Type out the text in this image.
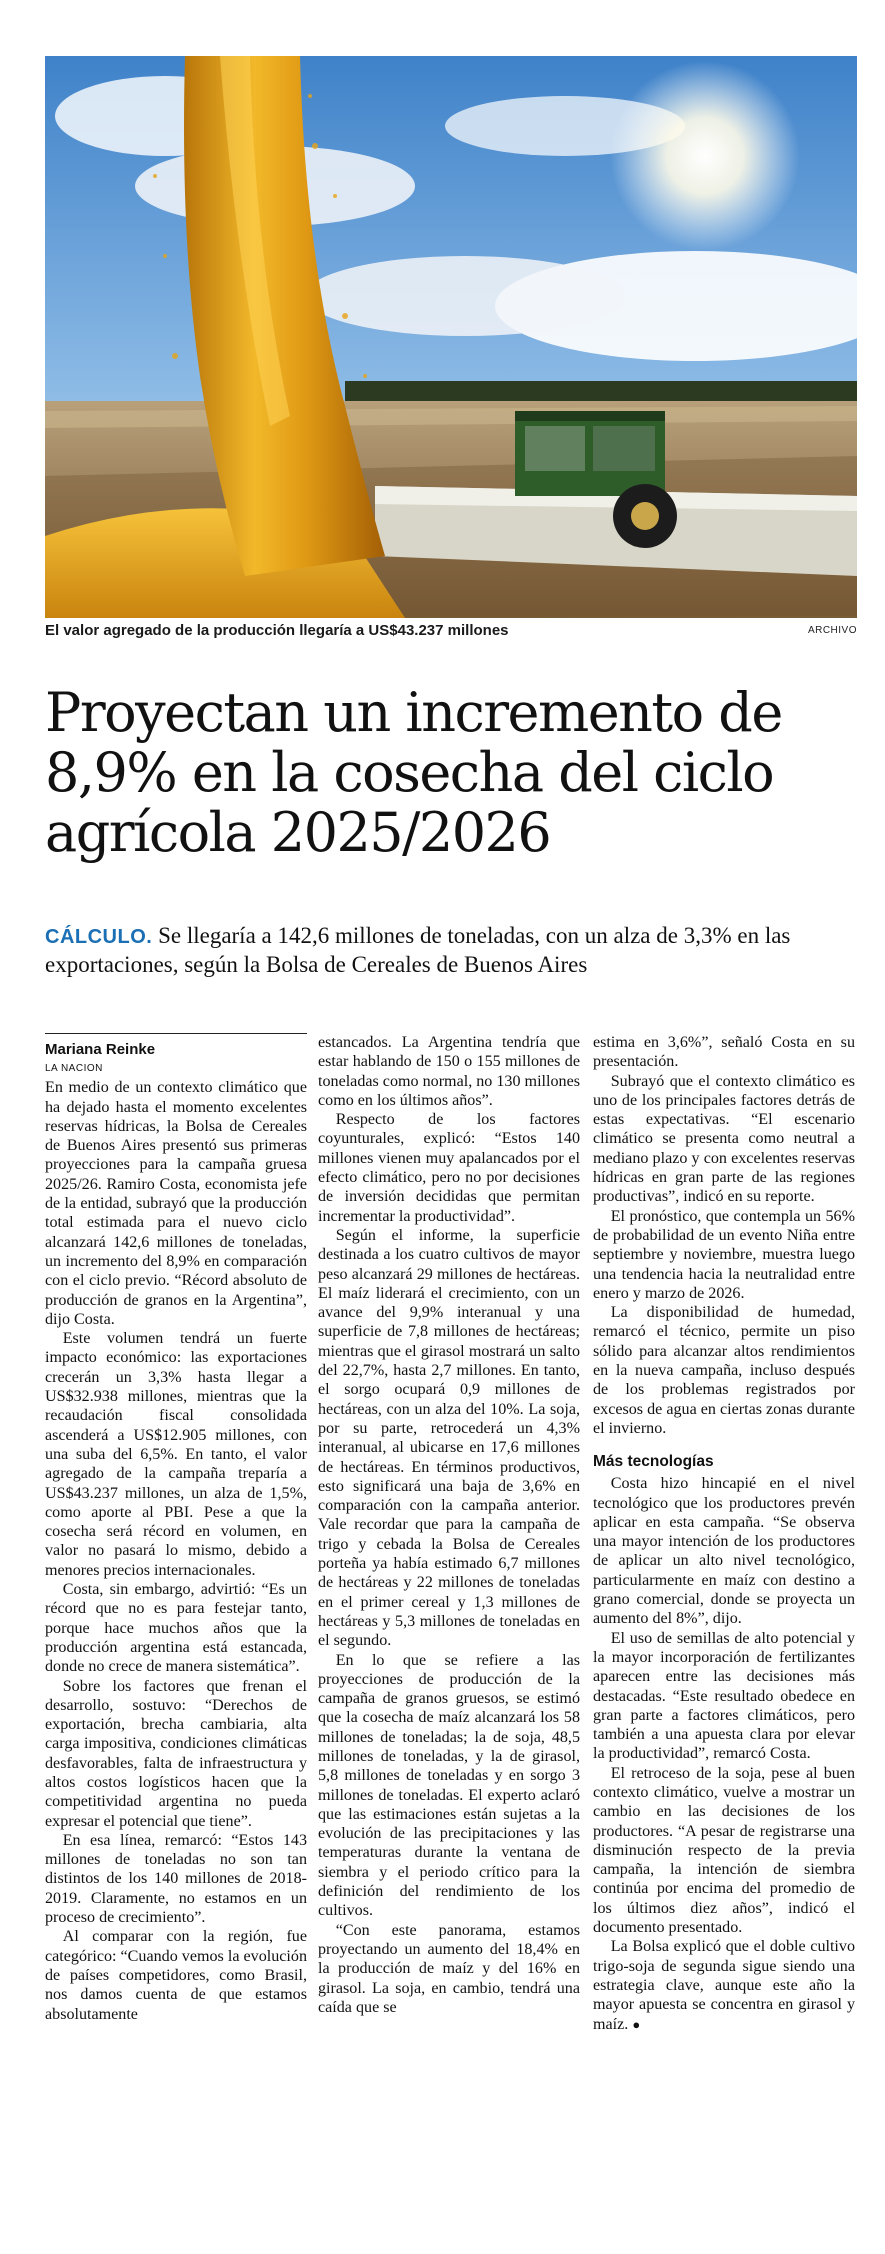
El valor agregado de la producción llegaría a US$43.237 millones	ARCHIVO
Proyectan un incremento de 8,9% en la cosecha del ciclo agrícola 2025/2026

CÁLCULO. Se llegaría a 142,6 millones de toneladas, con un alza de 3,3% en las exportaciones, según la Bolsa de Cereales de Buenos Aires

Mariana Reinke

LA NACION

En medio de un contexto climático que ha dejado hasta el momento excelentes reservas hídricas, la Bolsa de Cereales de Buenos Aires presentó sus primeras proyecciones para la campaña gruesa 2025/26. Ramiro Costa, economista jefe de la entidad, subrayó que la producción total estimada para el nuevo ciclo alcanzará 142,6 millones de toneladas, un incremento del 8,9% en comparación con el ciclo previo. “Récord absoluto de producción de granos en la Argentina”, dijo Costa.

Este volumen tendrá un fuerte impacto económico: las exportaciones crecerán un 3,3% hasta llegar a US$32.938 millones, mientras que la recaudación fiscal consolidada ascenderá a US$12.905 millones, con una suba del 6,5%. En tanto, el valor agregado de la campaña treparía a US$43.237 millones, un alza de 1,5%, como aporte al PBI. Pese a que la cosecha será récord en volumen, en valor no pasará lo mismo, debido a menores precios internacionales.

Costa, sin embargo, advirtió: “Es un récord que no es para festejar tanto, porque hace muchos años que la producción argentina está estancada, donde no crece de manera sistemática”.

Sobre los factores que frenan el desarrollo, sostuvo: “Derechos de exportación, brecha cambiaria, alta carga impositiva, condiciones climáticas desfavorables, falta de infraestructura y altos costos logísticos hacen que la competitividad argentina no pueda expresar el potencial que tiene”.

En esa línea, remarcó: “Estos 143 millones de toneladas no son tan distintos de los 140 millones de 2018-2019. Claramente, no estamos en un proceso de crecimiento”.

Al comparar con la región, fue categórico: “Cuando vemos la evolución de países competidores, como Brasil, nos damos cuenta de que estamos absolutamente

estancados. La Argentina tendría que estar hablando de 150 o 155 millones de toneladas como normal, no 130 millones como en los últimos años”.

Respecto de los factores coyunturales, explicó: “Estos 140 millones vienen muy apalancados por el efecto climático, pero no por decisiones de inversión decididas que permitan incrementar la productividad”.

Según el informe, la superficie destinada a los cuatro cultivos de mayor peso alcanzará 29 millones de hectáreas. El maíz liderará el crecimiento, con un avance del 9,9% interanual y una superficie de 7,8 millones de hectáreas; mientras que el girasol mostrará un salto del 22,7%, hasta 2,7 millones. En tanto, el sorgo ocupará 0,9 millones de hectáreas, con un alza del 10%. La soja, por su parte, retrocederá un 4,3% interanual, al ubicarse en 17,6 millones de hectáreas. En términos productivos, esto significará una baja de 3,6% en comparación con la campaña anterior. Vale recordar que para la campaña de trigo y cebada la Bolsa de Cereales porteña ya había estimado 6,7 millones de hectáreas y 22 millones de toneladas en el primer cereal y 1,3 millones de hectáreas y 5,3 millones de toneladas en el segundo.

En lo que se refiere a las proyecciones de producción de la campaña de granos gruesos, se estimó que la cosecha de maíz alcanzará los 58 millones de toneladas; la de soja, 48,5 millones de toneladas, y la de girasol, 5,8 millones de toneladas y en sorgo 3 millones de toneladas. El experto aclaró que las estimaciones están sujetas a la evolución de las precipitaciones y las temperaturas durante la ventana de siembra y el periodo crítico para la definición del rendimiento de los cultivos.

“Con este panorama, estamos proyectando un aumento del 18,4% en la producción de maíz y del 16% en girasol. La soja, en cambio, tendrá una caída que se

estima en 3,6%”, señaló Costa en su presentación.

Subrayó que el contexto climático es uno de los principales factores detrás de estas expectativas. “El escenario climático se presenta como neutral a mediano plazo y con excelentes reservas hídricas en gran parte de las regiones productivas”, indicó en su reporte.

El pronóstico, que contempla un 56% de probabilidad de un evento Niña entre septiembre y noviembre, muestra luego una tendencia hacia la neutralidad entre enero y marzo de 2026.

La disponibilidad de humedad, remarcó el técnico, permite un piso sólido para alcanzar altos rendimientos en la nueva campaña, incluso después de los problemas registrados por excesos de agua en ciertas zonas durante el invierno.

Más tecnologías

Costa hizo hincapié en el nivel tecnológico que los productores prevén aplicar en esta campaña. “Se observa una mayor intención de los productores de aplicar un alto nivel tecnológico, particularmente en maíz con destino a grano comercial, donde se proyecta un aumento del 8%”, dijo.

El uso de semillas de alto potencial y la mayor incorporación de fertilizantes aparecen entre las decisiones más destacadas. “Este resultado obedece en gran parte a factores climáticos, pero también a una apuesta clara por elevar la productividad”, remarcó Costa.

El retroceso de la soja, pese al buen contexto climático, vuelve a mostrar un cambio en las decisiones de los productores. “A pesar de registrarse una disminución respecto de la previa campaña, la intención de siembra continúa por encima del promedio de los últimos diez años”, indicó el documento presentado.

La Bolsa explicó que el doble cultivo trigo-soja de segunda sigue siendo una estrategia clave, aunque este año la mayor apuesta se concentra en girasol y maíz. ●
